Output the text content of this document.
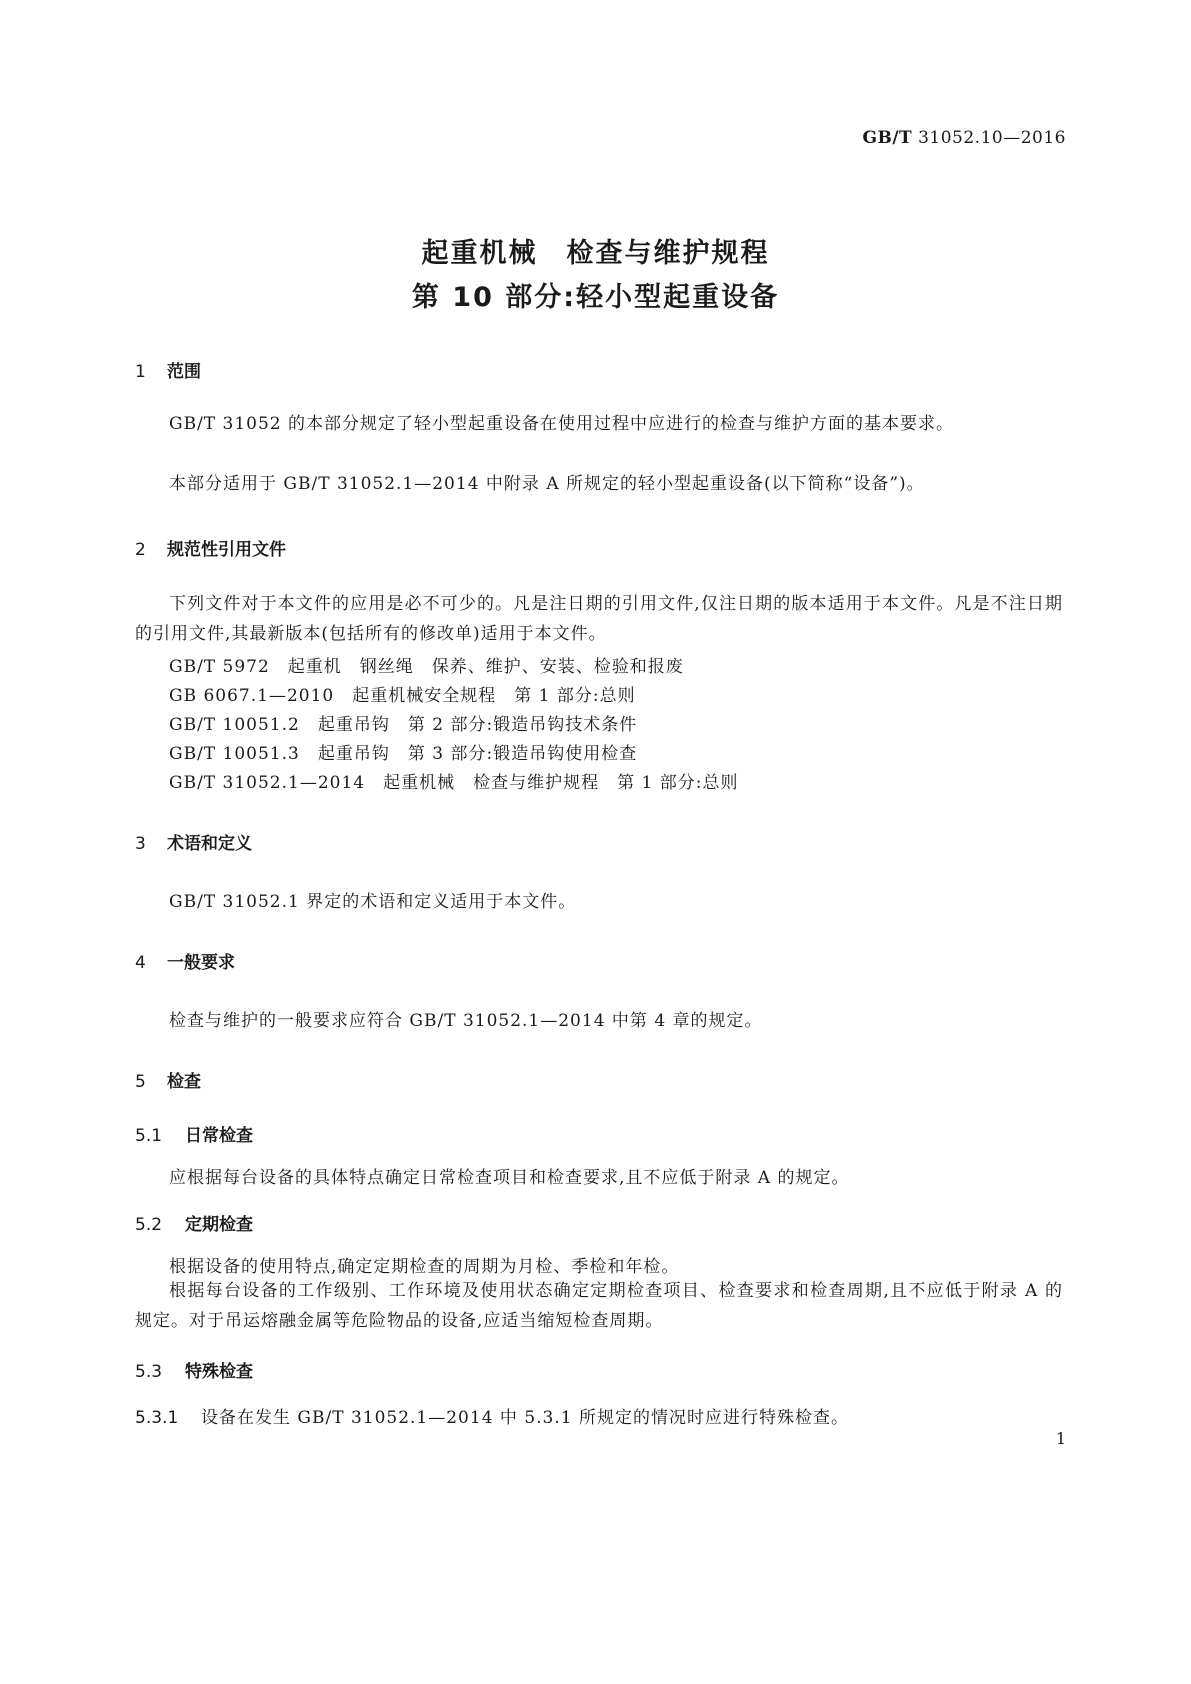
GB/T 31052.10—2016
起重机械　检查与维护规程
第 10 部分:轻小型起重设备
1 范围
GB/T 31052 的本部分规定了轻小型起重设备在使用过程中应进行的检查与维护方面的基本要求。
本部分适用于 GB/T 31052.1—2014 中附录 A 所规定的轻小型起重设备(以下简称“设备”)。
2 规范性引用文件
下列文件对于本文件的应用是必不可少的。凡是注日期的引用文件,仅注日期的版本适用于本文件。凡是不注日期的引用文件,其最新版本(包括所有的修改单)适用于本文件。
GB/T 5972　起重机　钢丝绳　保养、维护、安装、检验和报废
GB 6067.1—2010　起重机械安全规程　第 1 部分:总则
GB/T 10051.2　起重吊钩　第 2 部分:锻造吊钩技术条件
GB/T 10051.3　起重吊钩　第 3 部分:锻造吊钩使用检查
GB/T 31052.1—2014　起重机械　检查与维护规程　第 1 部分:总则
3 术语和定义
GB/T 31052.1 界定的术语和定义适用于本文件。
4 一般要求
检查与维护的一般要求应符合 GB/T 31052.1—2014 中第 4 章的规定。
5 检查
5.1 日常检查
应根据每台设备的具体特点确定日常检查项目和检查要求,且不应低于附录 A 的规定。
5.2 定期检查
根据设备的使用特点,确定定期检查的周期为月检、季检和年检。
根据每台设备的工作级别、工作环境及使用状态确定定期检查项目、检查要求和检查周期,且不应低于附录 A 的规定。对于吊运熔融金属等危险物品的设备,应适当缩短检查周期。
5.3 特殊检查
5.3.1 设备在发生 GB/T 31052.1—2014 中 5.3.1 所规定的情况时应进行特殊检查。
1
